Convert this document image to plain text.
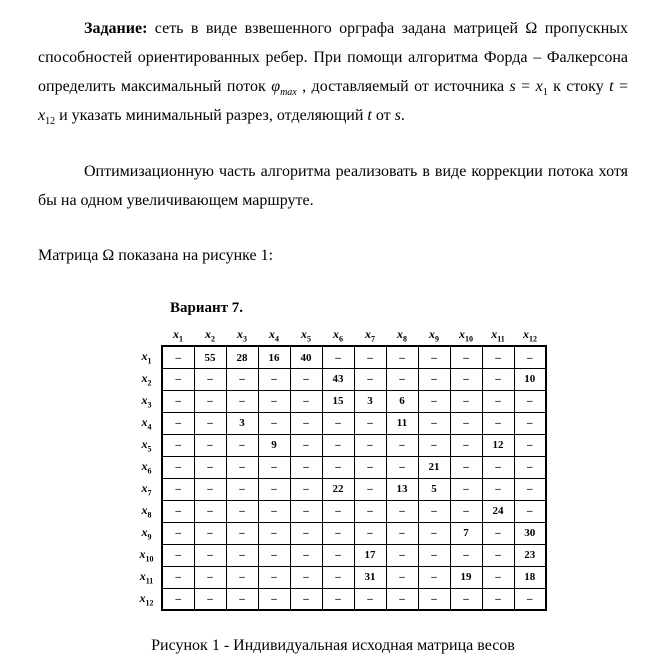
Задание: сеть в виде взвешенного орграфа задана матрицей Ω пропускных способностей ориентированных ребер. При помощи алгоритма Форда – Фалкерсона определить максимальный поток $\varphi_{max}$ , доставляемый от источника $s = x_1$ к стоку $t = x_{12}$ и указать минимальный разрез, отделяющий t от s.

Оптимизационную часть алгоритма реализовать в виде коррекции потока хотя бы на одном увеличивающем маршруте.

Матрица Ω показана на рисунке 1:

Вариант 7.

	$x_1$	$x_2$	$x_3$	$x_4$	$x_5$	$x_6$	$x_7$	$x_8$	$x_9$	$x_{10}$	$x_{11}$	$x_{12}$
$x_1$	–	55	28	16	40	–	–	–	–	–	–	–
$x_2$	–	–	–	–	–	43	–	–	–	–	–	10
$x_3$	–	–	–	–	–	15	3	6	–	–	–	–
$x_4$	–	–	3	–	–	–	–	11	–	–	–	–
$x_5$	–	–	–	9	–	–	–	–	–	–	12	–
$x_6$	–	–	–	–	–	–	–	–	21	–	–	–
$x_7$	–	–	–	–	–	22	–	13	5	–	–	–
$x_8$	–	–	–	–	–	–	–	–	–	–	24	–
$x_9$	–	–	–	–	–	–	–	–	–	7	–	30
$x_{10}$	–	–	–	–	–	–	17	–	–	–	–	23
$x_{11}$	–	–	–	–	–	–	31	–	–	19	–	18
$x_{12}$	–	–	–	–	–	–	–	–	–	–	–	–

Рисунок 1 - Индивидуальная исходная матрица весов
